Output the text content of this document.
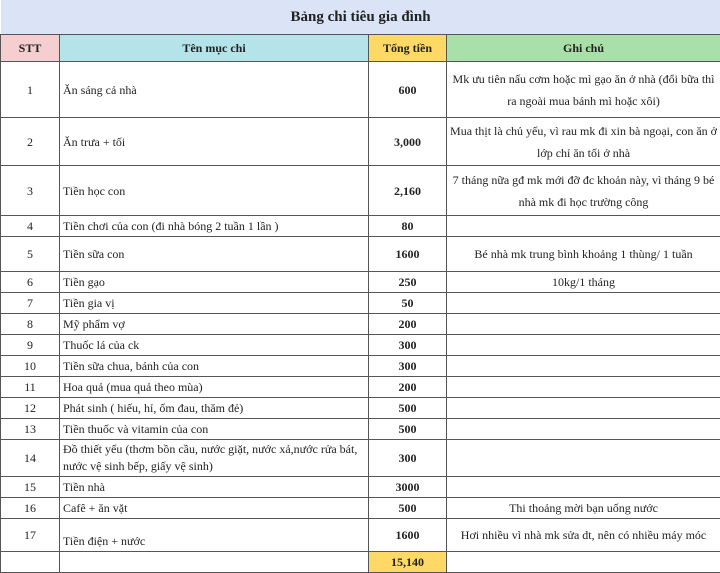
Bảng chi tiêu gia đình			
STT	Tên mục chi	Tổng tiền	Ghi chú
1	Ăn sáng cả nhà	600	Mk ưu tiên nấu cơm hoặc mì gạo ăn ở nhà (đổi bữa thì ra ngoài mua bánh mì hoặc xôi)
2	Ăn trưa + tối	3,000	Mua thịt là chủ yếu, vì rau mk đi xin bà ngoại, con ăn ở lớp chỉ ăn tối ở nhà
3	Tiền học con	2,160	7 tháng nữa gđ mk mới đỡ đc khoản này, vì tháng 9 bé nhà mk đi học trường công
4	Tiền chơi của con (đi nhà bóng 2 tuần 1 lần )	80	

5	Tiền sữa con	1600	Bé nhà mk trung bình khoảng 1 thùng/ 1 tuần
6	Tiền gạo	250	10kg/1 tháng
7	Tiền gia vị	50	
8	Mỹ phẩm vợ	200	
9	Thuốc lá của ck	300	
10	Tiền sữa chua, bánh của con	300	
11	Hoa quả (mua quả theo mùa)	200	
12	Phát sinh ( hiếu, hỉ, ốm đau, thăm đẻ)	500	
13	Tiền thuốc và vitamin của con	500	
14	Đồ thiết yếu (thơm bồn cầu, nước giặt, nước xả,nước rửa bát, nước vệ sinh bếp, giấy vệ sinh)	300	
15	Tiền nhà	3000	
16	Cafê + ăn vặt	500	Thi thoảng mời bạn uống nước
17	Tiền điện + nước	1600	Hơi nhiều vì nhà mk sửa dt, nên có nhiều máy móc
		15,140	
